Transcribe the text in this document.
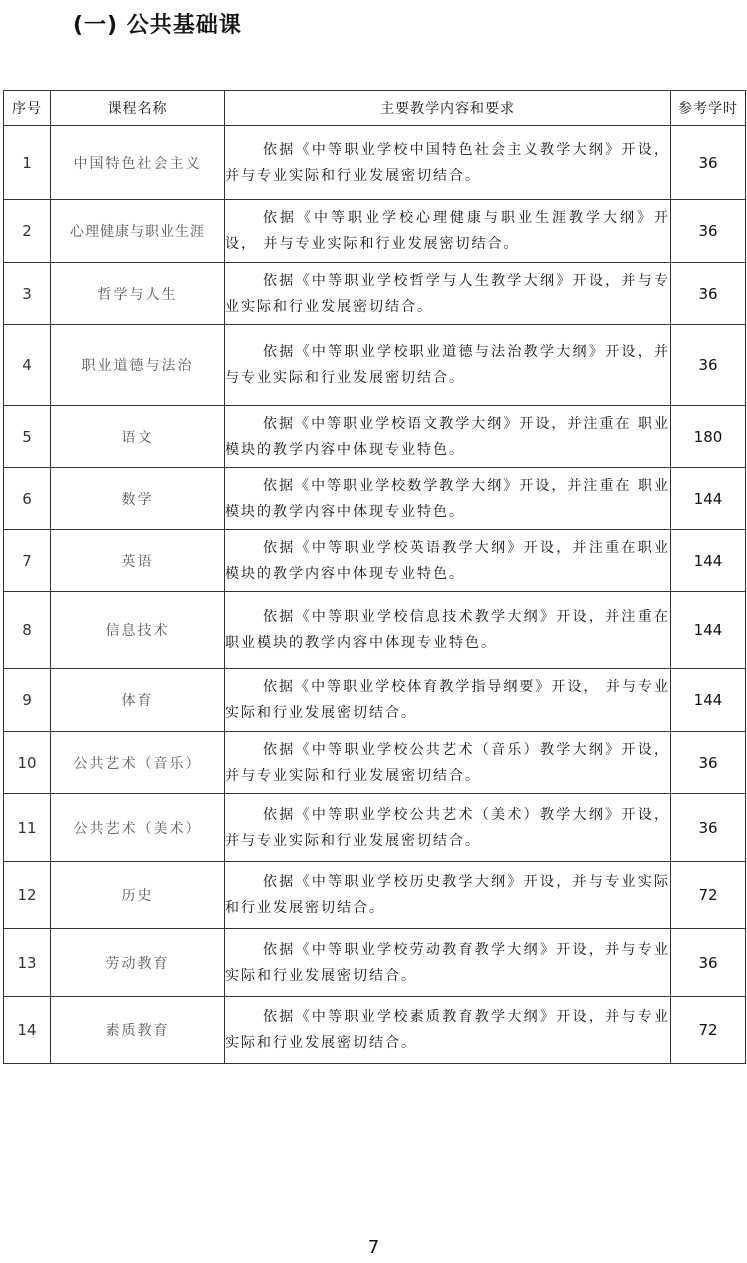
(一) 公共基础课
序号	课程名称	主要教学内容和要求	参考学时
1	中国特色社会主义	依据《中等职业学校中国特色社会主义教学大纲》开设， 并与专业实际和行业发展密切结合。	36
2	心理健康与职业生涯	依据《中等职业学校心理健康与职业生涯教学大纲》开设， 并与专业实际和行业发展密切结合。	36
3	哲学与人生	依据《中等职业学校哲学与人生教学大纲》开设，并与专业实际和行业发展密切结合。	36
4	职业道德与法治	依据《中等职业学校职业道德与法治教学大纲》开设，并 与专业实际和行业发展密切结合。	36
5	语文	依据《中等职业学校语文教学大纲》开设，并注重在 职业模块的教学内容中体现专业特色。	180
6	数学	依据《中等职业学校数学教学大纲》开设，并注重在 职业模块的教学内容中体现专业特色。	144
7	英语	依据《中等职业学校英语教学大纲》开设，并注重在职业模块的教学内容中体现专业特色。	144
8	信息技术	依据《中等职业学校信息技术教学大纲》开设，并注重在职业模块的教学内容中体现专业特色。	144
9	体育	依据《中等职业学校体育教学指导纲要》开设， 并与专业实际和行业发展密切结合。	144
10	公共艺术（音乐）	依据《中等职业学校公共艺术（音乐）教学大纲》开设，并与专业实际和行业发展密切结合。	36
11	公共艺术（美术）	依据《中等职业学校公共艺术（美术）教学大纲》开设，并与专业实际和行业发展密切结合。	36
12	历史	依据《中等职业学校历史教学大纲》开设，并与专业实际和行业发展密切结合。	72
13	劳动教育	依据《中等职业学校劳动教育教学大纲》开设，并与专业实际和行业发展密切结合。	36
14	素质教育	依据《中等职业学校素质教育教学大纲》开设，并与专业实际和行业发展密切结合。	72
7
